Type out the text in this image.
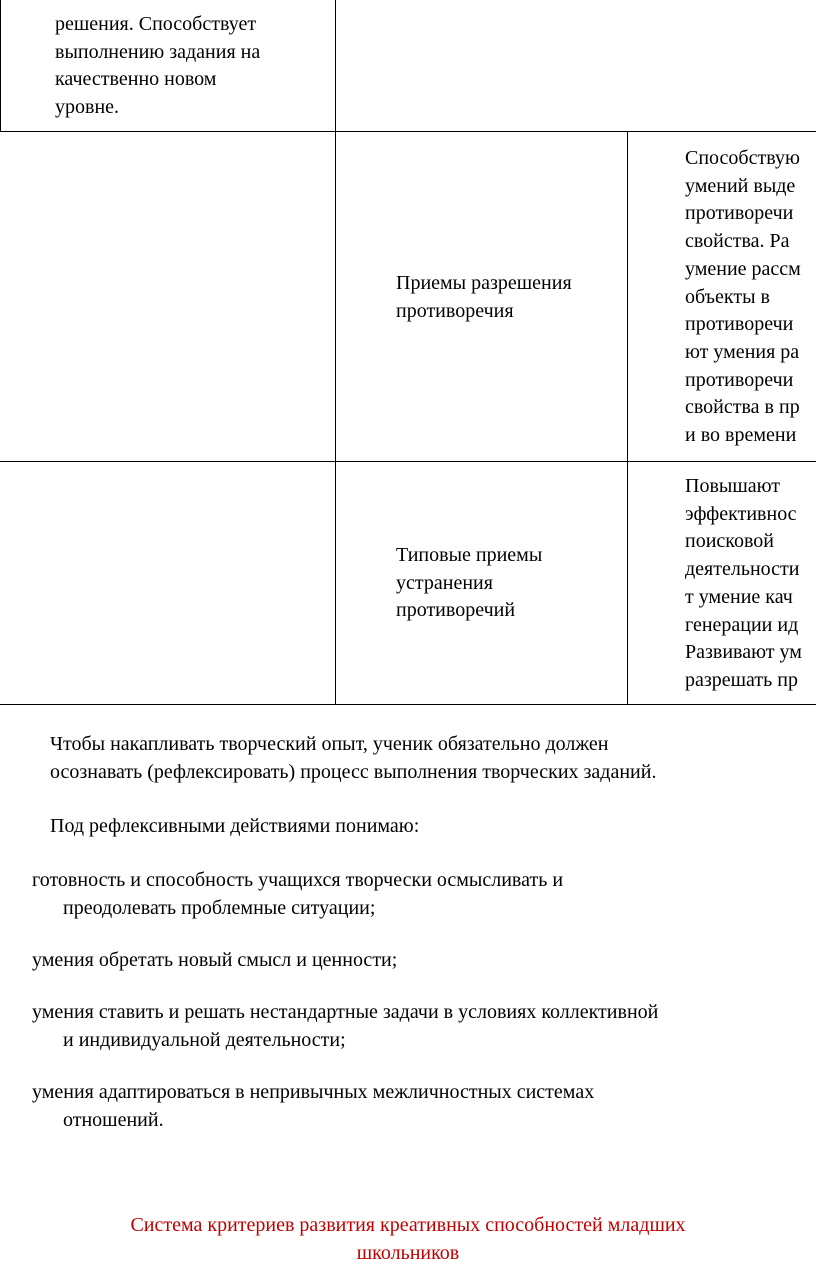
решения. Способствует
выполнению задания на
качественно новом
уровне.
Приемы разрешения
противоречия
Способствую
умений выде
противоречи
свойства. Ра
умение рассм
объекты в
противоречи
ют умения ра
противоречи
свойства в пр
и во времени
Типовые приемы
устранения
противоречий
Повышают
эффективнос
поисковой
деятельности
т умение кач
генерации ид
Развивают ум
разрешать пр

Чтобы накапливать творческий опыт, ученик обязательно должен
осознавать (рефлексировать) процесс выполнения творческих заданий.

Под рефлексивными действиями понимаю:

готовность и способность учащихся творчески осмысливать и
преодолевать проблемные ситуации;

умения обретать новый смысл и ценности;

умения ставить и решать нестандартные задачи в условиях коллективной
и индивидуальной деятельности;

умения адаптироваться в непривычных межличностных системах
отношений.

Система критериев развития креативных способностей младших
школьников
